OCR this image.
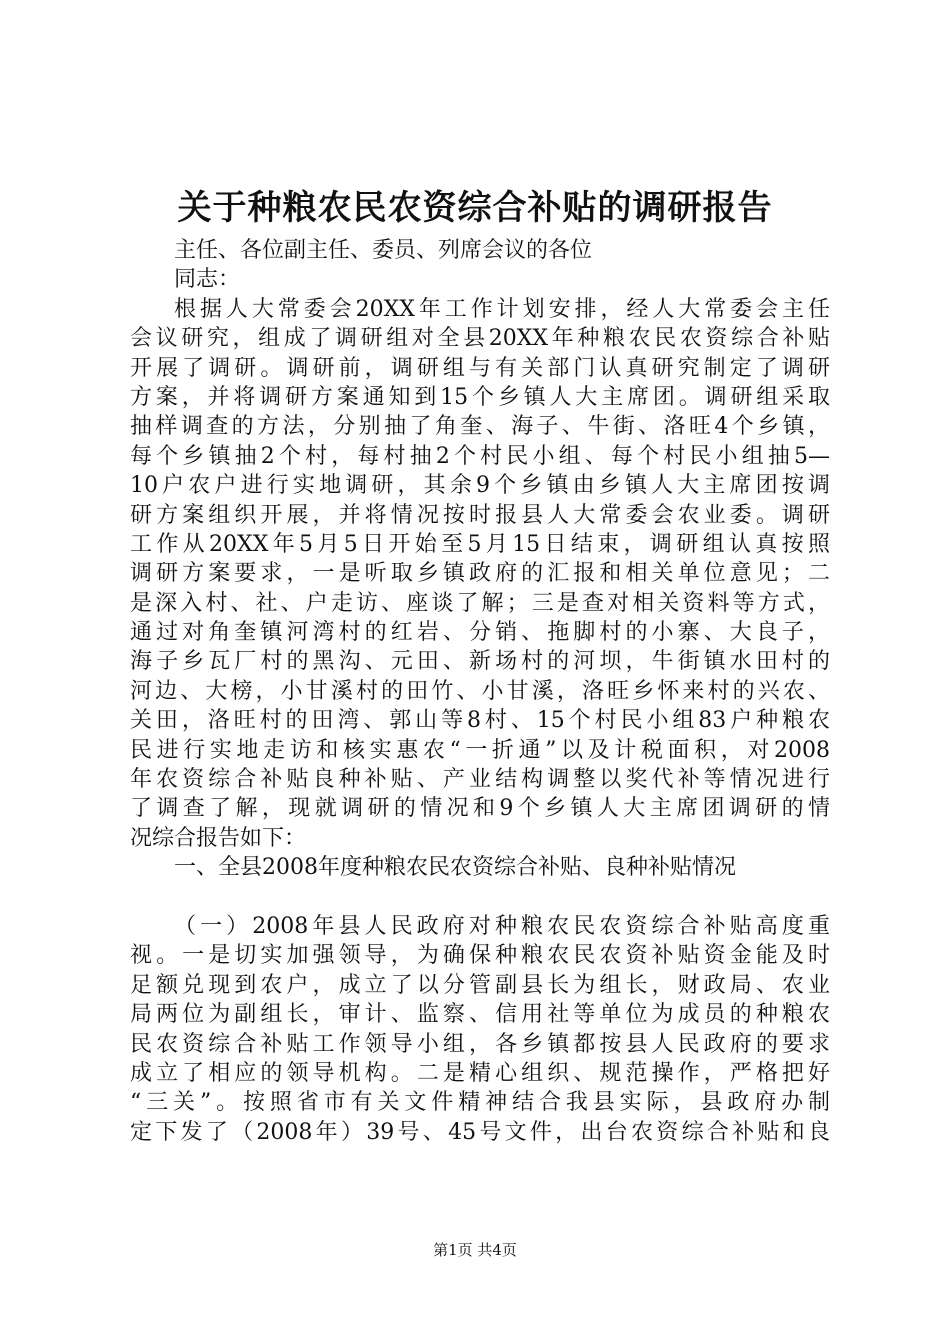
关于种粮农民农资综合补贴的调研报告
主任、各位副主任、委员、列席会议的各位
同志：
根据人大常委会20XX年工作计划安排，经人大常委会主任
会议研究，组成了调研组对全县20XX年种粮农民农资综合补贴
开展了调研。调研前，调研组与有关部门认真研究制定了调研
方案，并将调研方案通知到15个乡镇人大主席团。调研组采取
抽样调查的方法，分别抽了角奎、海子、牛街、洛旺4个乡镇，
每个乡镇抽2个村，每村抽2个村民小组、每个村民小组抽5—
10户农户进行实地调研，其余9个乡镇由乡镇人大主席团按调
研方案组织开展，并将情况按时报县人大常委会农业委。调研
工作从20XX年5月5日开始至5月15日结束，调研组认真按照
调研方案要求，一是听取乡镇政府的汇报和相关单位意见；二
是深入村、社、户走访、座谈了解；三是查对相关资料等方式，
通过对角奎镇河湾村的红岩、分销、拖脚村的小寨、大良子，
海子乡瓦厂村的黑沟、元田、新场村的河坝，牛街镇水田村的
河边、大榜，小甘溪村的田竹、小甘溪，洛旺乡怀来村的兴农、
关田，洛旺村的田湾、郭山等8村、15个村民小组83户种粮农
民进行实地走访和核实惠农“一折通”以及计税面积，对2008
年农资综合补贴良种补贴、产业结构调整以奖代补等情况进行
了调查了解，现就调研的情况和9个乡镇人大主席团调研的情
况综合报告如下：
一、全县2008年度种粮农民农资综合补贴、良种补贴情况
（一）2008年县人民政府对种粮农民农资综合补贴高度重
视。一是切实加强领导，为确保种粮农民农资补贴资金能及时
足额兑现到农户，成立了以分管副县长为组长，财政局、农业
局两位为副组长，审计、监察、信用社等单位为成员的种粮农
民农资综合补贴工作领导小组，各乡镇都按县人民政府的要求
成立了相应的领导机构。二是精心组织、规范操作，严格把好
“三关”。按照省市有关文件精神结合我县实际，县政府办制
定下发了（2008年）39号、45号文件，出台农资综合补贴和良
第1页 共4页
